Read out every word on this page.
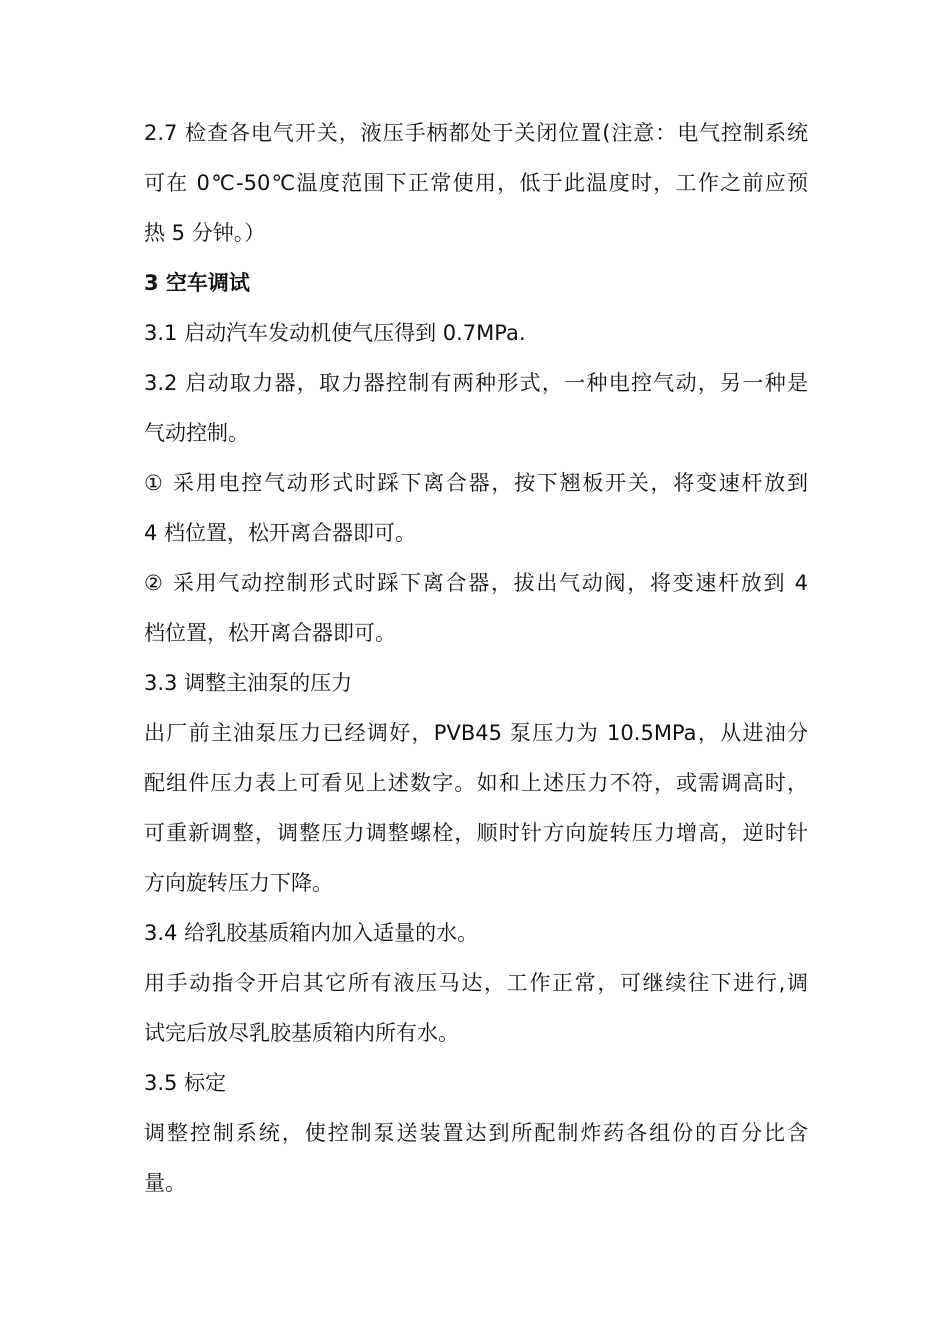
2.7 检查各电气开关，液压手柄都处于关闭位置(注意：电气控制系统
可在 0℃-50℃温度范围下正常使用，低于此温度时，工作之前应预
热 5 分钟。）
3 空车调试
3.1 启动汽车发动机使气压得到 0.7MPa.
3.2 启动取力器，取力器控制有两种形式，一种电控气动，另一种是
气动控制。
① 采用电控气动形式时踩下离合器，按下翘板开关，将变速杆放到
4 档位置，松开离合器即可。
② 采用气动控制形式时踩下离合器，拔出气动阀，将变速杆放到 4
档位置，松开离合器即可。
3.3 调整主油泵的压力
出厂前主油泵压力已经调好，PVB45 泵压力为 10.5MPa，从进油分
配组件压力表上可看见上述数字。如和上述压力不符，或需调高时，
可重新调整，调整压力调整螺栓，顺时针方向旋转压力增高，逆时针
方向旋转压力下降。
3.4 给乳胶基质箱内加入适量的水。
用手动指令开启其它所有液压马达，工作正常，可继续往下进行,调
试完后放尽乳胶基质箱内所有水。
3.5 标定
调整控制系统，使控制泵送装置达到所配制炸药各组份的百分比含
量。
